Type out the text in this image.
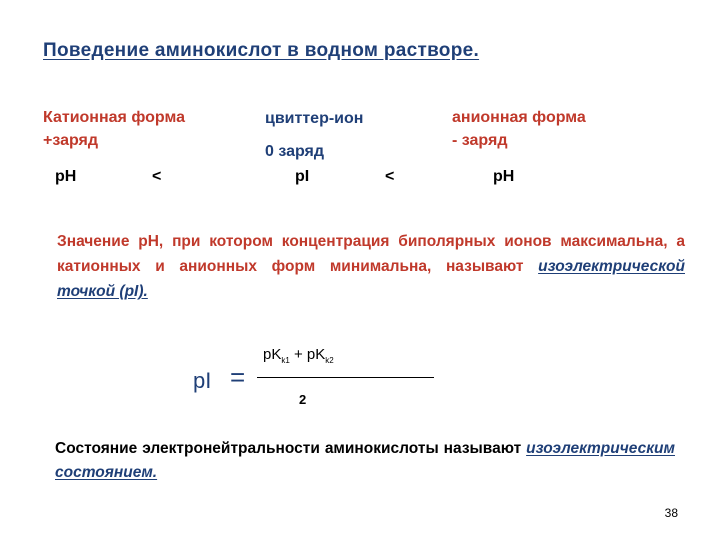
Поведение аминокислот в водном растворе.
Катионная форма
+заряд
цвиттер-ион
0 заряд
анионная форма
- заряд
pH	<	pI	<	pH
Значение pH, при котором концентрация биполярных ионов максимальна, а катионных и анионных форм минимальна, называют изоэлектрической точкой (pI).
pI =
$pK_{k1} + pK_{k2}$
2
Состояние электронейтральности аминокислоты называют изоэлектрическим состоянием.
38
